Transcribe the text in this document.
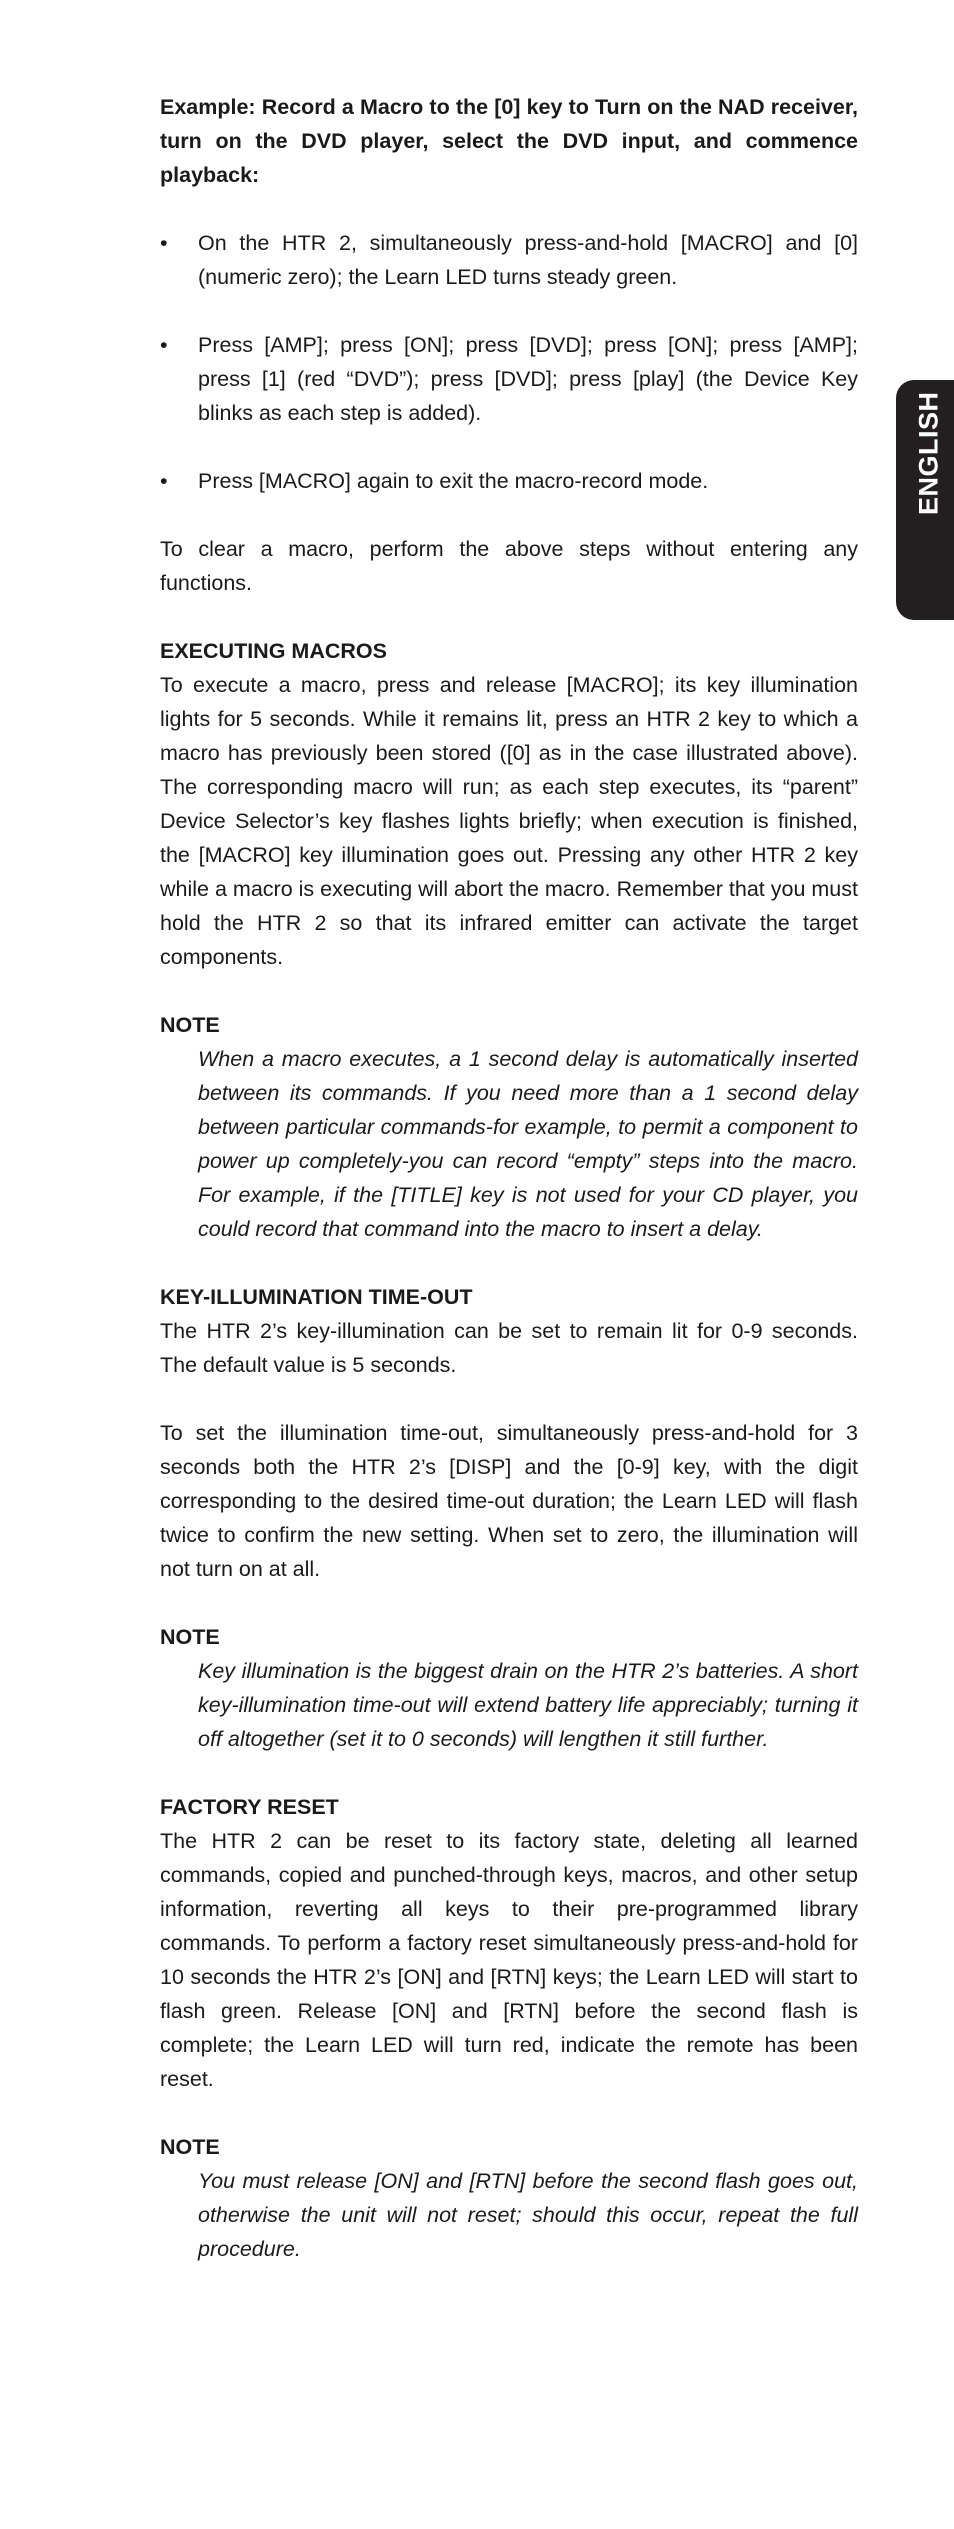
ENGLISH

Example: Record a Macro to the [0] key to Turn on the NAD receiver, turn on the DVD player, select the DVD input, and commence playback:

• On the HTR 2, simultaneously press-and-hold [MACRO] and [0] (numeric zero); the Learn LED turns steady green.
• Press [AMP]; press [ON]; press [DVD]; press [ON]; press [AMP]; press [1] (red “DVD”); press [DVD]; press [play] (the Device Key blinks as each step is added).
• Press [MACRO] again to exit the macro-record mode.

To clear a macro, perform the above steps without entering any functions.

EXECUTING MACROS

To execute a macro, press and release [MACRO]; its key illumination lights for 5 seconds. While it remains lit, press an HTR 2 key to which a macro has previously been stored ([0] as in the case illustrated above). The corresponding macro will run; as each step executes, its “parent” Device Selector’s key flashes lights briefly; when execution is finished, the [MACRO] key illumination goes out. Pressing any other HTR 2 key while a macro is executing will abort the macro. Remember that you must hold the HTR 2 so that its infrared emitter can activate the target components.

NOTE

When a macro executes, a 1 second delay is automatically inserted between its commands. If you need more than a 1 second delay between particular commands-for example, to permit a component to power up completely-you can record “empty” steps into the macro. For example, if the [TITLE] key is not used for your CD player, you could record that command into the macro to insert a delay.

KEY-ILLUMINATION TIME-OUT

The HTR 2’s key-illumination can be set to remain lit for 0-9 seconds. The default value is 5 seconds.

To set the illumination time-out, simultaneously press-and-hold for 3 seconds both the HTR 2’s [DISP] and the [0-9] key, with the digit corresponding to the desired time-out duration; the Learn LED will flash twice to confirm the new setting. When set to zero, the illumination will not turn on at all.

NOTE

Key illumination is the biggest drain on the HTR 2’s batteries. A short key-illumination time-out will extend battery life appreciably; turning it off altogether (set it to 0 seconds) will lengthen it still further.

FACTORY RESET

The HTR 2 can be reset to its factory state, deleting all learned commands, copied and punched-through keys, macros, and other setup information, reverting all keys to their pre-programmed library commands. To perform a factory reset simultaneously press-and-hold for 10 seconds the HTR 2’s [ON] and [RTN] keys; the Learn LED will start to flash green. Release [ON] and [RTN] before the second flash is complete; the Learn LED will turn red, indicate the remote has been reset.

NOTE

You must release [ON] and [RTN] before the second flash goes out, otherwise the unit will not reset; should this occur, repeat the full procedure.
